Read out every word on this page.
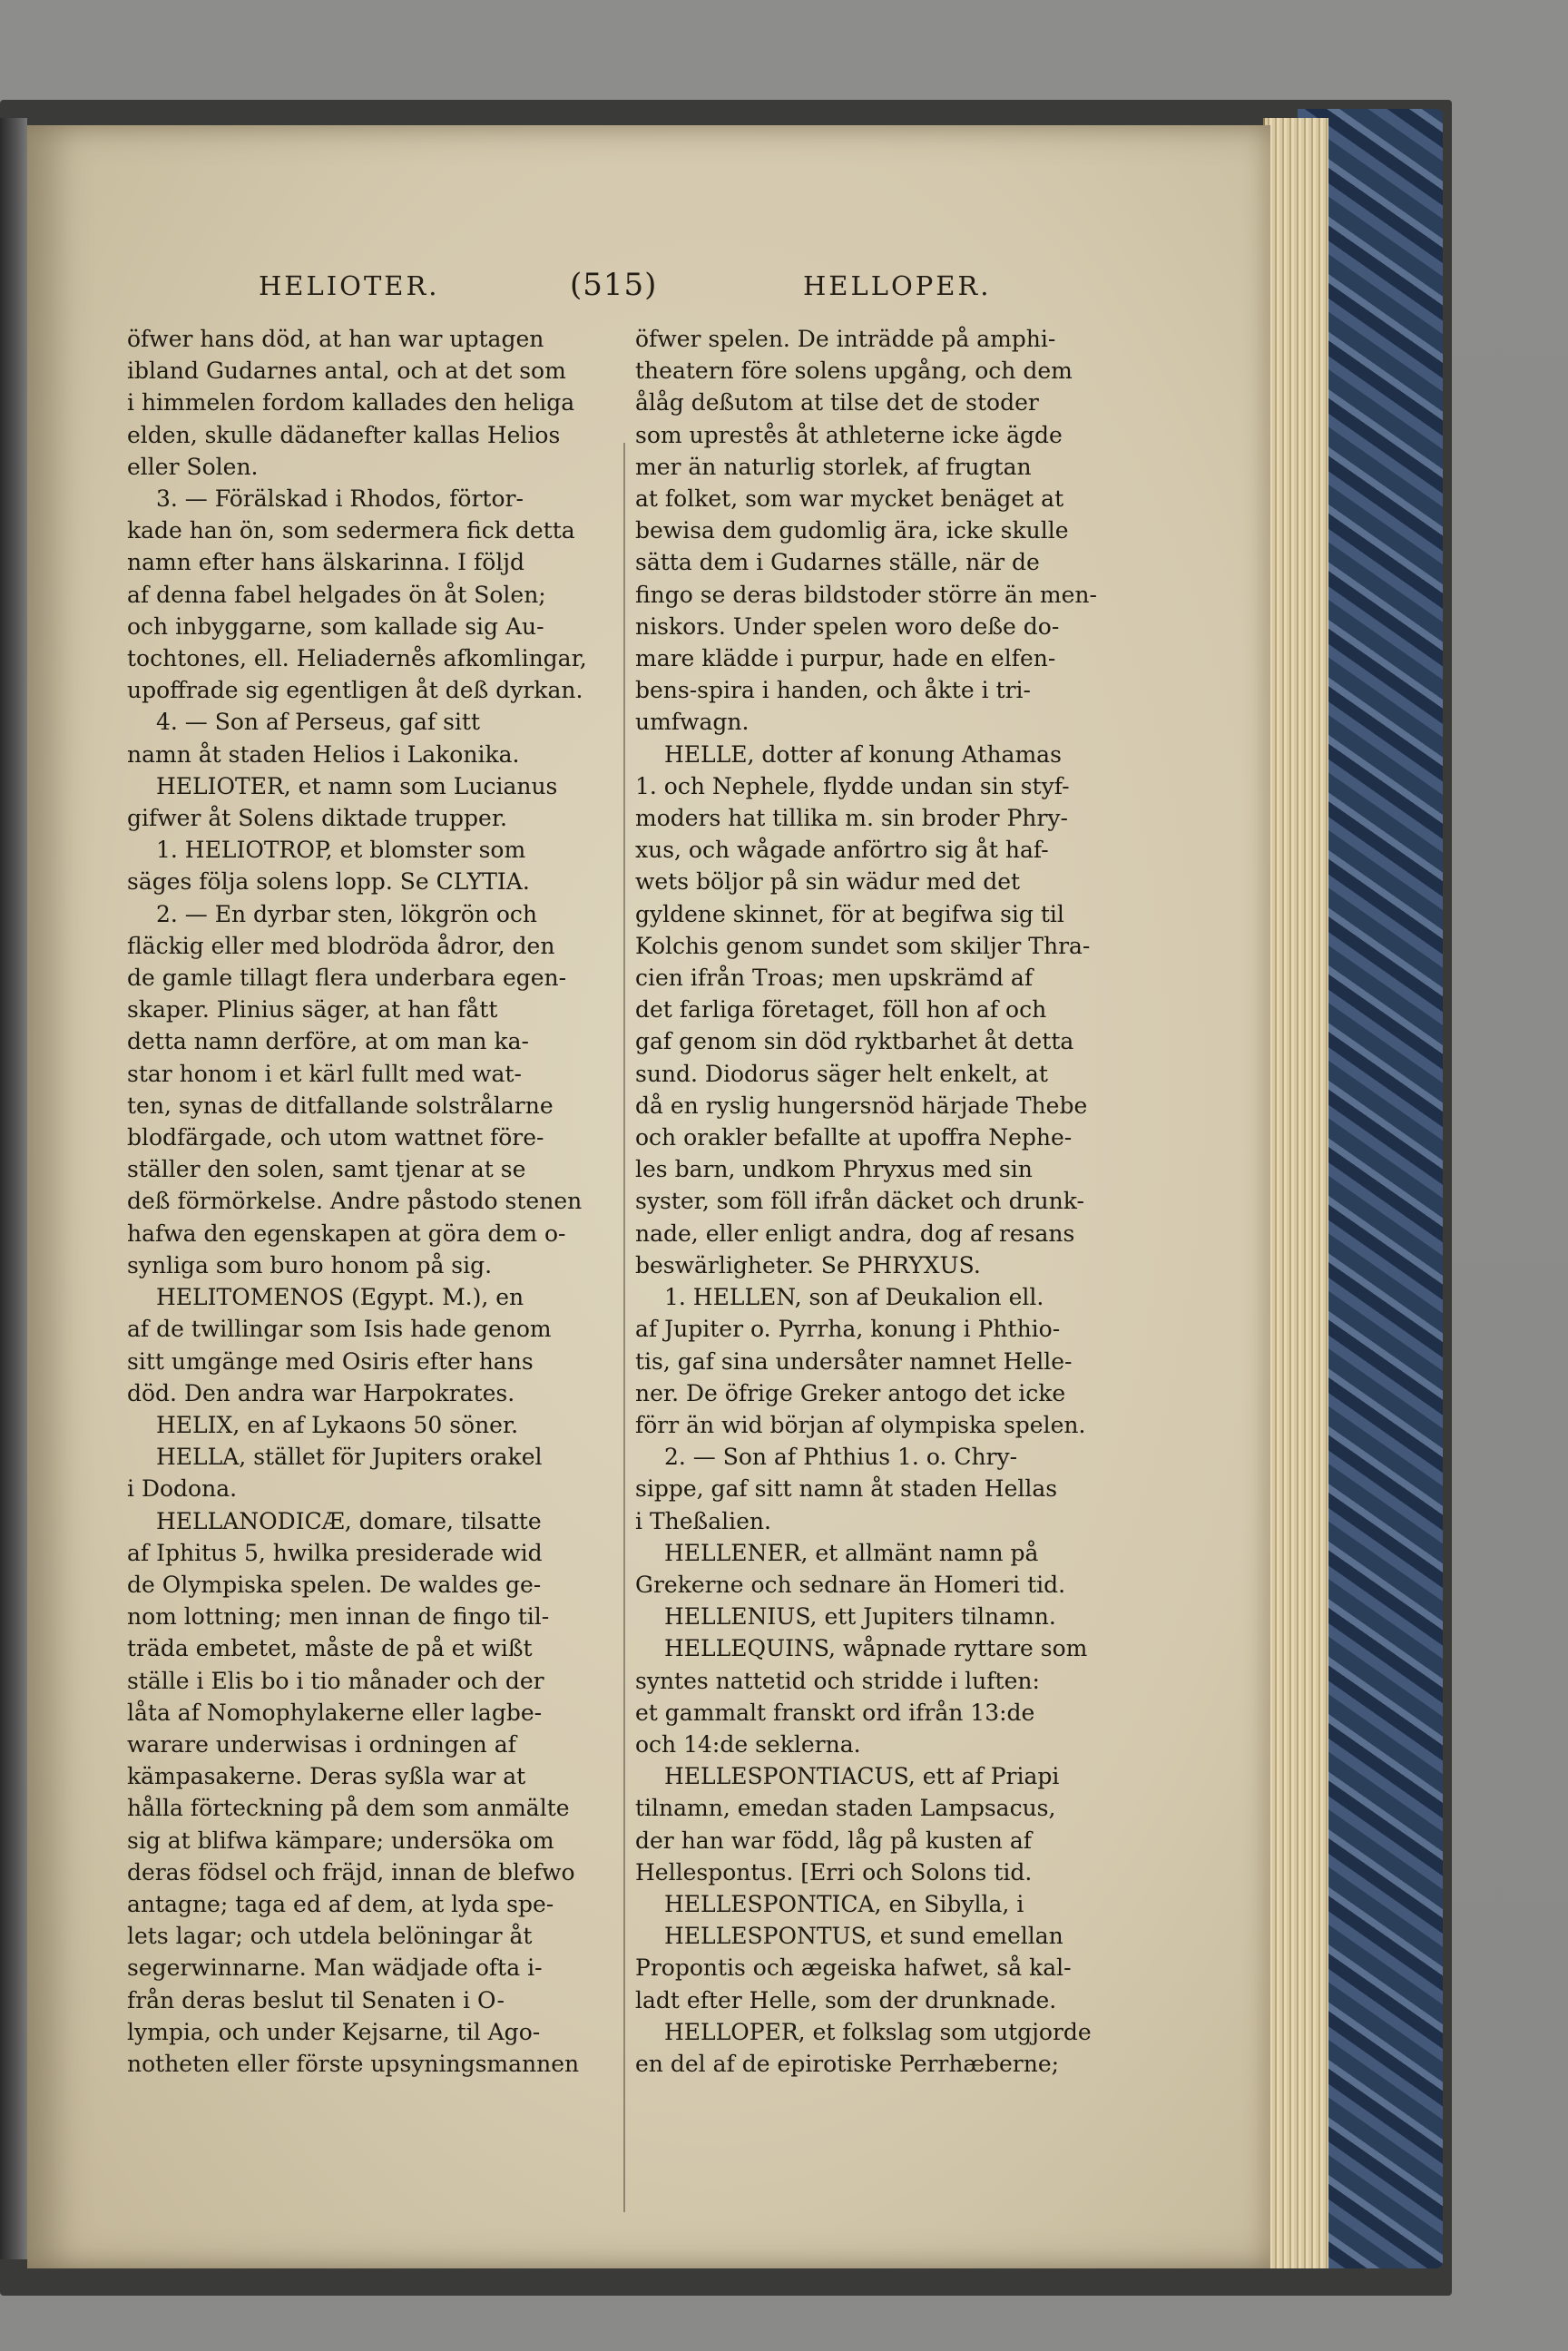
HELIOTER.	(515)	HELLOPER.
öfwer hans död, at han war uptagen
ibland Gudarnes antal, och at det som
i himmelen fordom kallades den heliga
elden, skulle dädanefter kallas Helios
eller Solen.
3. — Förälskad i Rhodos, förtor-
kade han ön, som sedermera fick detta
namn efter hans älskarinna. I följd
af denna fabel helgades ön åt Solen;
och inbyggarne, som kallade sig Au-
tochtones, ell. Heliaderne̊s afkomlingar,
upoffrade sig egentligen åt deß dyrkan.
4. — Son af Perseus, gaf sitt
namn åt staden Helios i Lakonika.
HELIOTER, et namn som Lucianus
gifwer åt Solens diktade trupper.
1. HELIOTROP, et blomster som
säges följa solens lopp. Se CLYTIA.
2. — En dyrbar sten, lökgrön och
fläckig eller med blodröda ådror, den
de gamle tillagt flera underbara egen-
skaper. Plinius säger, at han fått
detta namn derföre, at om man ka-
star honom i et kärl fullt med wat-
ten, synas de ditfallande solstrålarne
blodfärgade, och utom wattnet före-
ställer den solen, samt tjenar at se
deß förmörkelse. Andre påstodo stenen
hafwa den egenskapen at göra dem o-
synliga som buro honom på sig.
HELITOMENOS (Egypt. M.), en
af de twillingar som Isis hade genom
sitt umgänge med Osiris efter hans
död. Den andra war Harpokrates.
HELIX, en af Lykaons 50 söner.
HELLA, stället för Jupiters orakel
i Dodona.
HELLANODICÆ, domare, tilsatte
af Iphitus 5, hwilka presiderade wid
de Olympiska spelen. De waldes ge-
nom lottning; men innan de fingo til-
träda embetet, måste de på et wißt
ställe i Elis bo i tio månader och der
låta af Nomophylakerne eller lagbe-
warare underwisas i ordningen af
kämpasakerne. Deras syßla war at
hålla förteckning på dem som anmälte
sig at blifwa kämpare; undersöka om
deras födsel och fräjd, innan de blefwo
antagne; taga ed af dem, at lyda spe-
lets lagar; och utdela belöningar åt
segerwinnarne. Man wädjade ofta i-
från deras beslut til Senaten i O-
lympia, och under Kejsarne, til Ago-
notheten eller förste upsyningsmannen
öfwer spelen. De inträdde på amphi-
theatern före solens upgång, och dem
ålåg deßutom at tilse det de stoder
som upreste̊s åt athleterne icke ägde
mer än naturlig storlek, af frugtan
at folket, som war mycket benäget at
bewisa dem gudomlig ära, icke skulle
sätta dem i Gudarnes ställe, när de
fingo se deras bildstoder större än men-
niskors. Under spelen woro deße do-
mare klädde i purpur, hade en elfen-
bens-spira i handen, och åkte i tri-
umfwagn.
HELLE, dotter af konung Athamas
1. och Nephele, flydde undan sin styf-
moders hat tillika m. sin broder Phry-
xus, och wågade anförtro sig åt haf-
wets böljor på sin wädur med det
gyldene skinnet, för at begifwa sig til
Kolchis genom sundet som skiljer Thra-
cien ifrån Troas; men upskrämd af
det farliga företaget, föll hon af och
gaf genom sin död ryktbarhet åt detta
sund. Diodorus säger helt enkelt, at
då en ryslig hungersnöd härjade Thebe
och orakler befallte at upoffra Nephe-
les barn, undkom Phryxus med sin
syster, som föll ifrån däcket och drunk-
nade, eller enligt andra, dog af resans
beswärligheter. Se PHRYXUS.
1. HELLEN, son af Deukalion ell.
af Jupiter o. Pyrrha, konung i Phthio-
tis, gaf sina undersåter namnet Helle-
ner. De öfrige Greker antogo det icke
förr än wid början af olympiska spelen.
2. — Son af Phthius 1. o. Chry-
sippe, gaf sitt namn åt staden Hellas
i Theßalien.
HELLENER, et allmänt namn på
Grekerne och sednare än Homeri tid.
HELLENIUS, ett Jupiters tilnamn.
HELLEQUINS, wåpnade ryttare som
syntes nattetid och stridde i luften:
et gammalt franskt ord ifrån 13:de
och 14:de seklerna.
HELLESPONTIACUS, ett af Priapi
tilnamn, emedan staden Lampsacus,
der han war född, låg på kusten af
Hellespontus. [Erri och Solons tid.
HELLESPONTICA, en Sibylla, i
HELLESPONTUS, et sund emellan
Propontis och ægeiska hafwet, så kal-
ladt efter Helle, som der drunknade.
HELLOPER, et folkslag som utgjorde
en del af de epirotiske Perrhæberne;
